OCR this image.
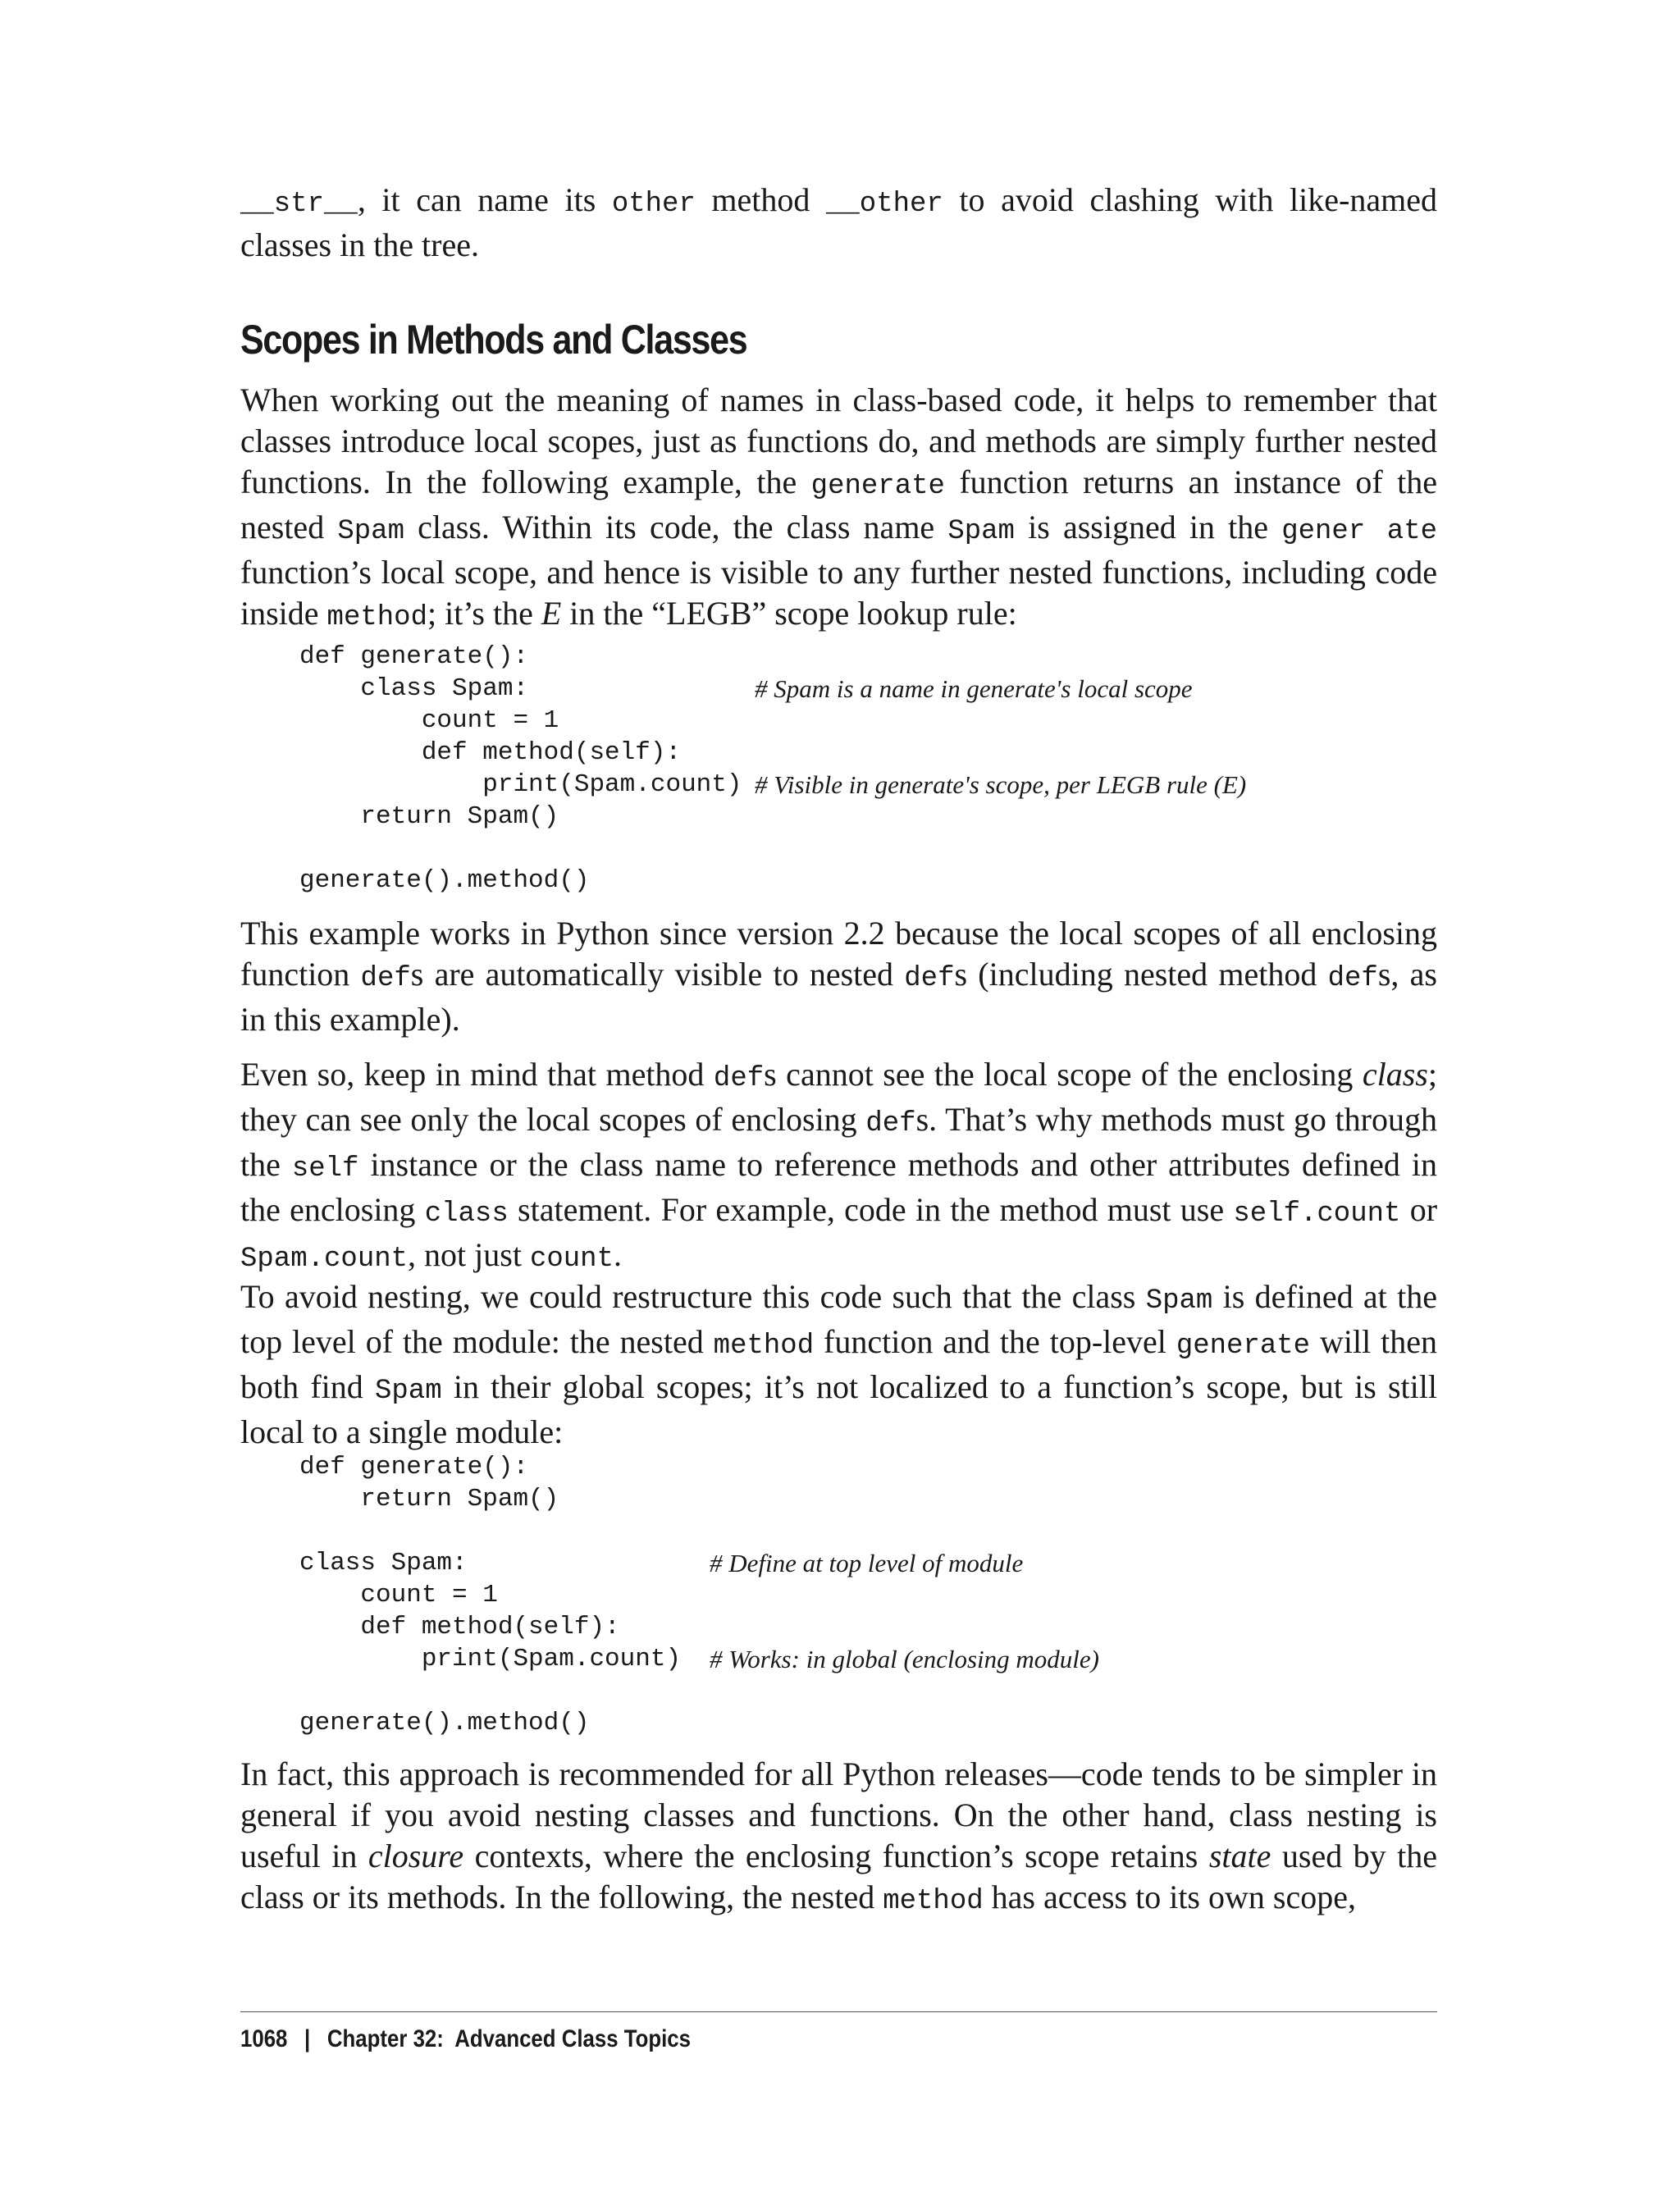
__str__, it can name its other method __other to avoid clashing with like-named classes in the tree.

Scopes in Methods and Classes

When working out the meaning of names in class-based code, it helps to remember that classes introduce local scopes, just as functions do, and methods are simply further nested functions. In the following example, the generate function returns an instance of the nested Spam class. Within its code, the class name Spam is assigned in the gener ate function’s local scope, and hence is visible to any further nested functions, including code inside method; it’s the E in the “LEGB” scope lookup rule:

def generate():
class Spam:	# Spam is a name in generate's local scope
count = 1
def method(self):
print(Spam.count) # Visible in generate's scope, per LEGB rule (E)
return Spam()
generate().method()

This example works in Python since version 2.2 because the local scopes of all enclosing function defs are automatically visible to nested defs (including nested method defs, as in this example).

Even so, keep in mind that method defs cannot see the local scope of the enclosing class; they can see only the local scopes of enclosing defs. That’s why methods must go through the self instance or the class name to reference methods and other attributes defined in the enclosing class statement. For example, code in the method must use self.count or Spam.count, not just count.

To avoid nesting, we could restructure this code such that the class Spam is defined at the top level of the module: the nested method function and the top-level generate will then both find Spam in their global scopes; it’s not localized to a function’s scope, but is still local to a single module:

def generate():
return Spam()
class Spam:	# Define at top level of module
count = 1
def method(self):
print(Spam.count) # Works: in global (enclosing module)
generate().method()

In fact, this approach is recommended for all Python releases—code tends to be simpler in general if you avoid nesting classes and functions. On the other hand, class nesting is useful in closure contexts, where the enclosing function’s scope retains state used by the class or its methods. In the following, the nested method has access to its own scope,

1068 | Chapter 32:  Advanced Class Topics
